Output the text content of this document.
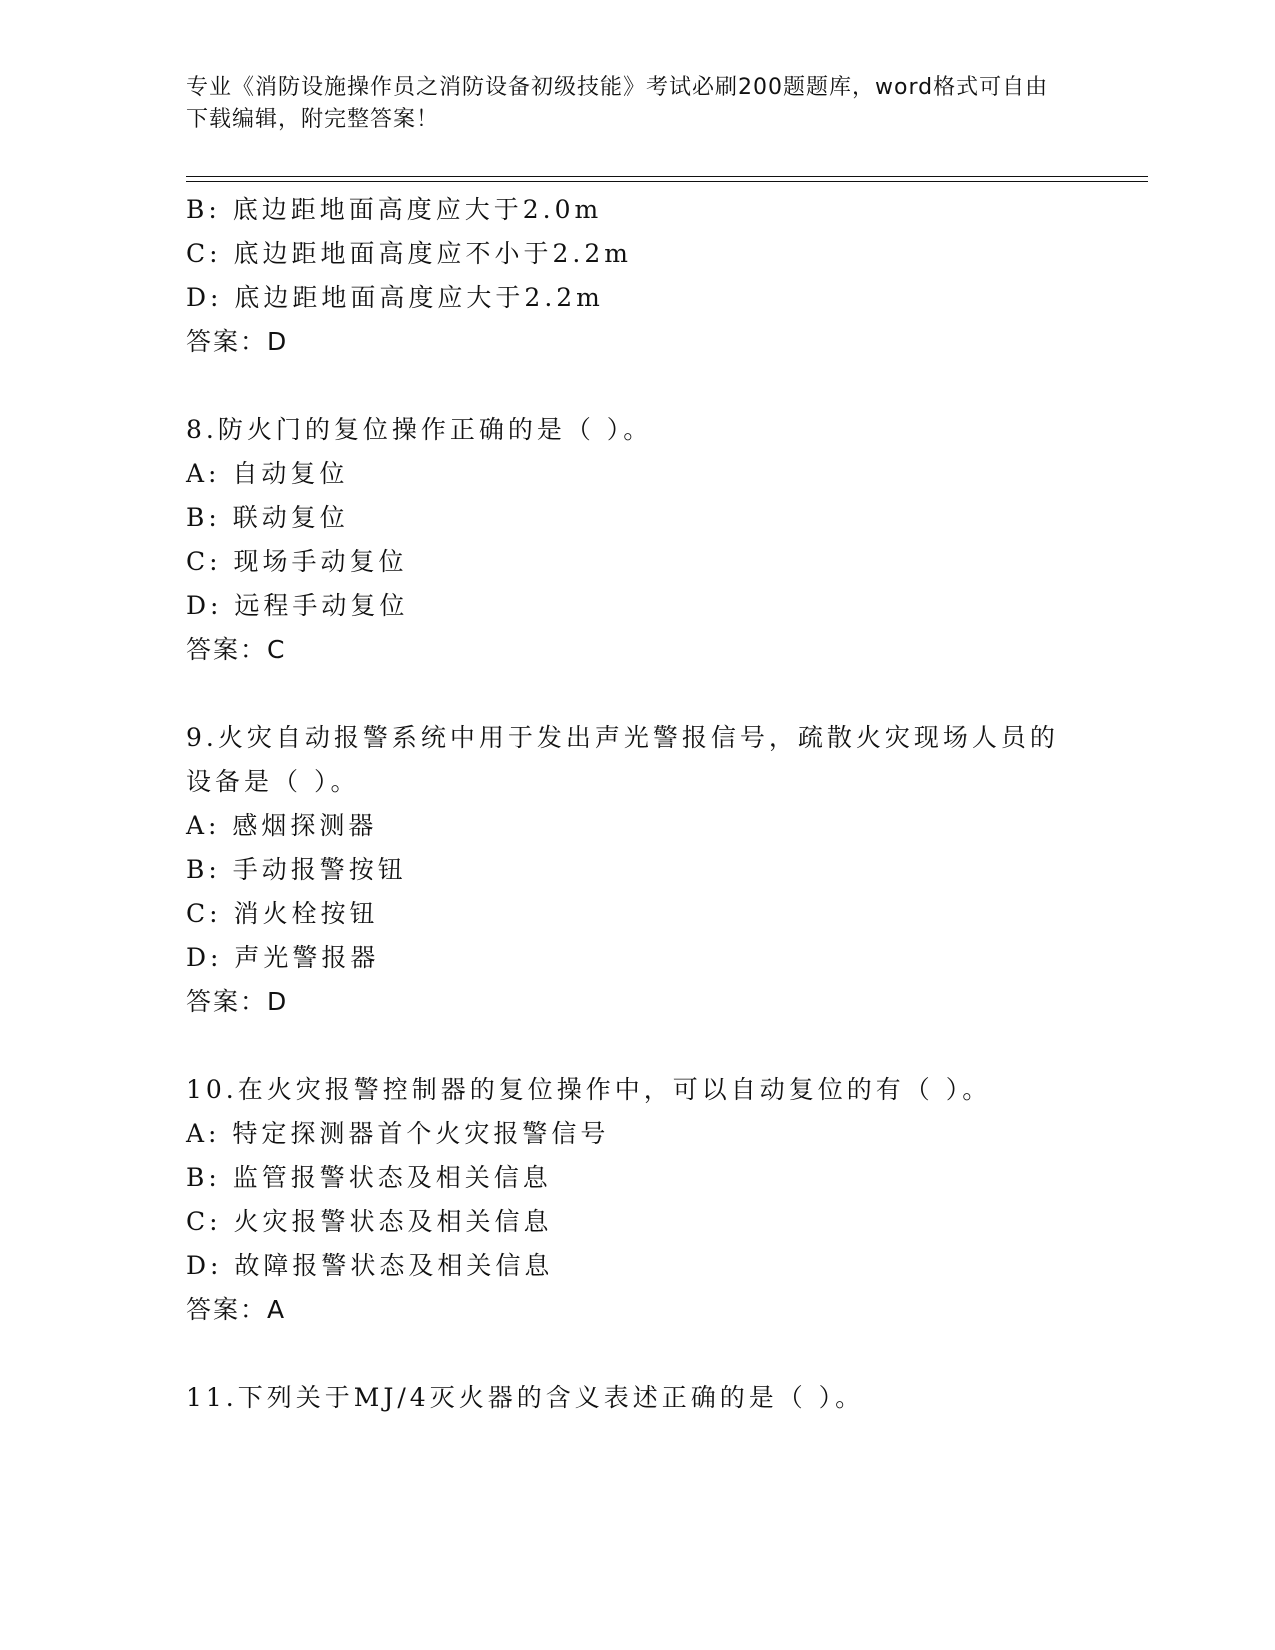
专业《消防设施操作员之消防设备初级技能》考试必刷200题题库，word格式可自由下载编辑，附完整答案！
B: 底边距地面高度应大于2.0m
C: 底边距地面高度应不小于2.2m
D: 底边距地面高度应大于2.2m
答案：D
8.防火门的复位操作正确的是（ ）。
A: 自动复位
B: 联动复位
C: 现场手动复位
D: 远程手动复位
答案：C
9.火灾自动报警系统中用于发出声光警报信号，疏散火灾现场人员的
设备是（ ）。
A: 感烟探测器
B: 手动报警按钮
C: 消火栓按钮
D: 声光警报器
答案：D
10.在火灾报警控制器的复位操作中，可以自动复位的有（ ）。
A: 特定探测器首个火灾报警信号
B: 监管报警状态及相关信息
C: 火灾报警状态及相关信息
D: 故障报警状态及相关信息
答案：A
11.下列关于MJ/4灭火器的含义表述正确的是（ ）。
